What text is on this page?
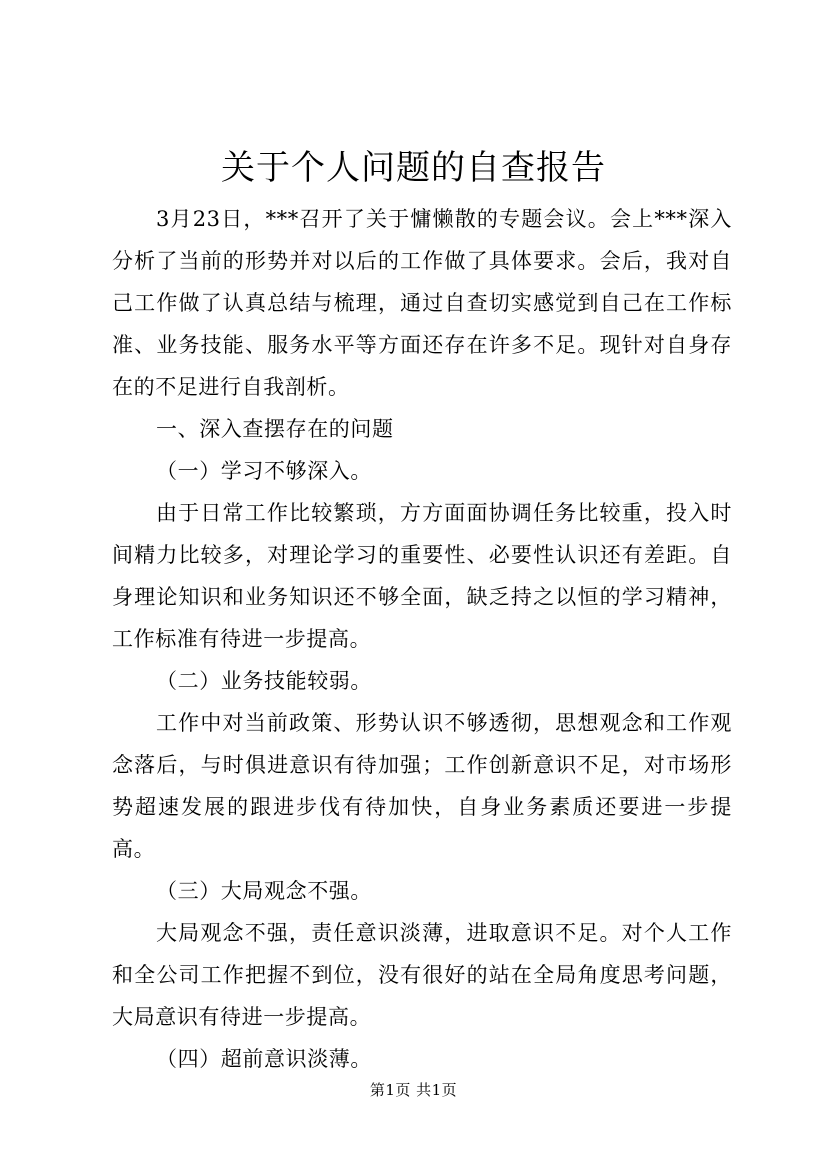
关于个人问题的自查报告

3月23日，***召开了关于慵懒散的专题会议。会上***深入分析了当前的形势并对以后的工作做了具体要求。会后，我对自己工作做了认真总结与梳理，通过自查切实感觉到自己在工作标准、业务技能、服务水平等方面还存在许多不足。现针对自身存在的不足进行自我剖析。

一、深入查摆存在的问题

（一）学习不够深入。

由于日常工作比较繁琐，方方面面协调任务比较重，投入时间精力比较多，对理论学习的重要性、必要性认识还有差距。自身理论知识和业务知识还不够全面，缺乏持之以恒的学习精神，工作标准有待进一步提高。

（二）业务技能较弱。

工作中对当前政策、形势认识不够透彻，思想观念和工作观念落后，与时俱进意识有待加强；工作创新意识不足，对市场形势超速发展的跟进步伐有待加快，自身业务素质还要进一步提高。

（三）大局观念不强。

大局观念不强，责任意识淡薄，进取意识不足。对个人工作和全公司工作把握不到位，没有很好的站在全局角度思考问题，大局意识有待进一步提高。

（四）超前意识淡薄。

第1页 共1页
